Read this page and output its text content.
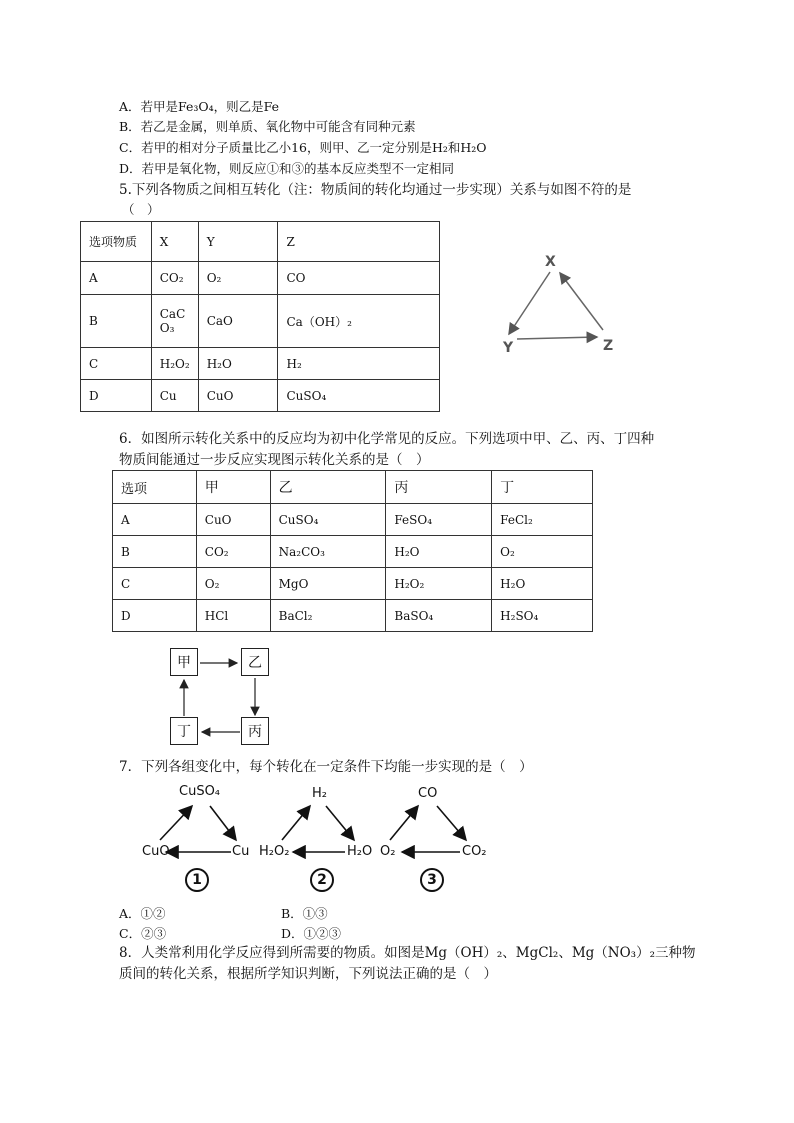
A．若甲是Fe₃O₄，则乙是Fe
B．若乙是金属，则单质、氧化物中可能含有同种元素
C．若甲的相对分子质量比乙小16，则甲、乙一定分别是H₂和H₂O
D．若甲是氧化物，则反应①和③的基本反应类型不一定相同
5.下列各物质之间相互转化（注：物质间的转化均通过一步实现）关系与如图不符的是
（　）
选项物质	X	Y	Z
A	CO₂	O₂	CO
B	CaCO₃	CaO	Ca（OH）₂
C	H₂O₂	H₂O	H₂
D	Cu	CuO	CuSO₄
X
Y	Z
6．如图所示转化关系中的反应均为初中化学常见的反应。下列选项中甲、乙、丙、丁四种
物质间能通过一步反应实现图示转化关系的是（　）
选项	甲	乙	丙	丁
A	CuO	CuSO₄	FeSO₄	FeCl₂
B	CO₂	Na₂CO₃	H₂O	O₂
C	O₂	MgO	H₂O₂	H₂O
D	HCl	BaCl₂	BaSO₄	H₂SO₄
甲	乙
丙
丁
7．下列各组变化中，每个转化在一定条件下均能一步实现的是（　）
CuSO₄
CuO	Cu
H₂
H₂O₂	H₂O
CO
O₂	CO₂
1	2	3
A．①②	B．①③
C．②③	D．①②③
8．人类常利用化学反应得到所需要的物质。如图是Mg（OH）₂、MgCl₂、Mg（NO₃）₂三种物
质间的转化关系，根据所学知识判断，下列说法正确的是（　）
